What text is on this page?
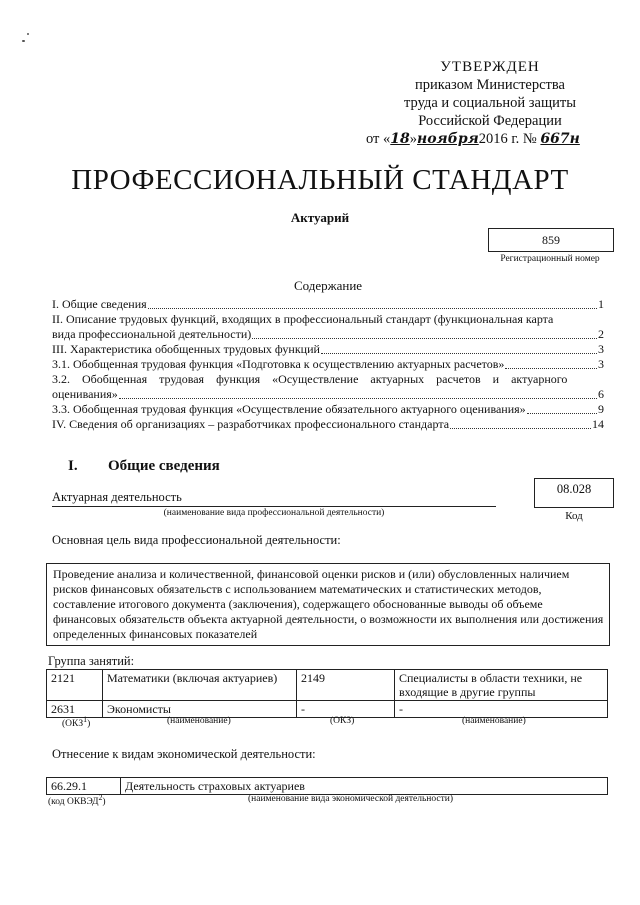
УТВЕРЖДЕН
приказом Министерства
труда и социальной защиты
Российской Федерации
от «18»ноября2016 г. № 667н
ПРОФЕССИОНАЛЬНЫЙ СТАНДАРТ
Актуарий
859
Регистрационный номер
Содержание
I. Общие сведения	1
II. Описание трудовых функций, входящих в профессиональный стандарт (функциональная карта
вида профессиональной деятельности)	2
III. Характеристика обобщенных трудовых функций	3
3.1. Обобщенная трудовая функция «Подготовка к осуществлению актуарных расчетов»	3
3.2. Обобщенная трудовая функция «Осуществление актуарных расчетов и актуарного
оценивания»	6
3.3. Обобщенная трудовая функция «Осуществление обязательного актуарного оценивания»	9
IV. Сведения об организациях – разработчиках профессионального стандарта	14
I. Общие сведения
Актуарная деятельность
(наименование вида профессиональной деятельности)
08.028
Код
Основная цель вида профессиональной деятельности:
Проведение анализа и количественной, финансовой оценки рисков и (или) обусловленных наличием рисков финансовых обязательств с использованием математических и статистических методов, составление итогового документа (заключения), содержащего обоснованные выводы об объеме финансовых обязательств объекта актуарной деятельности, о возможности их выполнения или достижения определенных финансовых показателей
Группа занятий:
2121	Математики (включая актуариев)	2149	Специалисты в области техники, не входящие в другие группы
2631	Экономисты	-	-
(ОКЗ$^1$)	(наименование)	(ОКЗ)	(наименование)
Отнесение к видам экономической деятельности:
66.29.1	Деятельность страховых актуариев
(код ОКВЭД$^2$)	(наименование вида экономической деятельности)
